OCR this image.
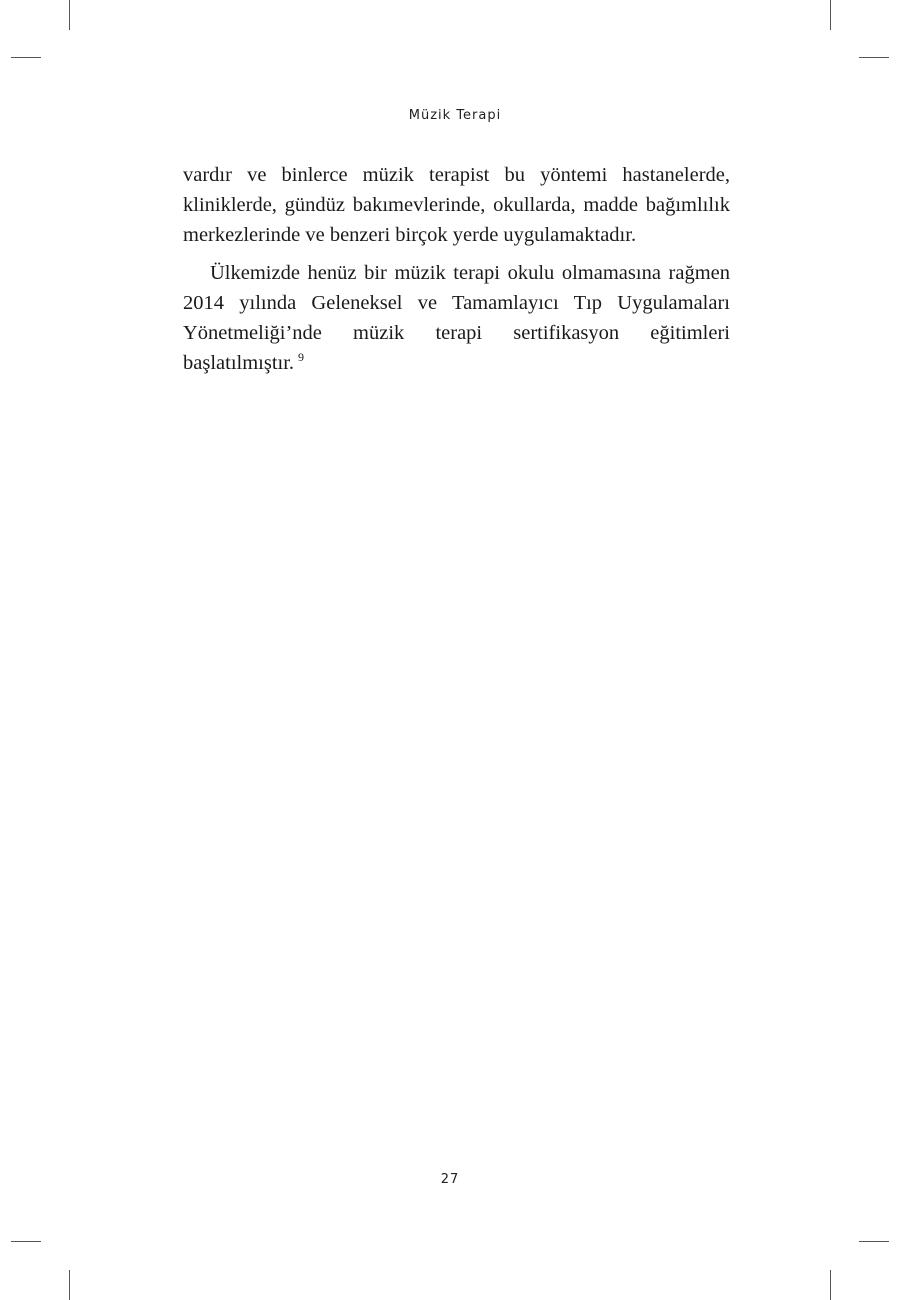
Müzik Terapi

vardır ve binlerce müzik terapist bu yöntemi hastanelerde, kliniklerde, gündüz bakımevlerinde, okullarda, madde bağımlılık merkezlerinde ve benzeri birçok yerde uygulamaktadır.

Ülkemizde henüz bir müzik terapi okulu olmamasına rağmen 2014 yılında Geleneksel ve Tamamlayıcı Tıp Uygulamaları Yönetmeliği’nde müzik terapi sertifikasyon eğitimleri başlatılmıştır. $^9$

27
